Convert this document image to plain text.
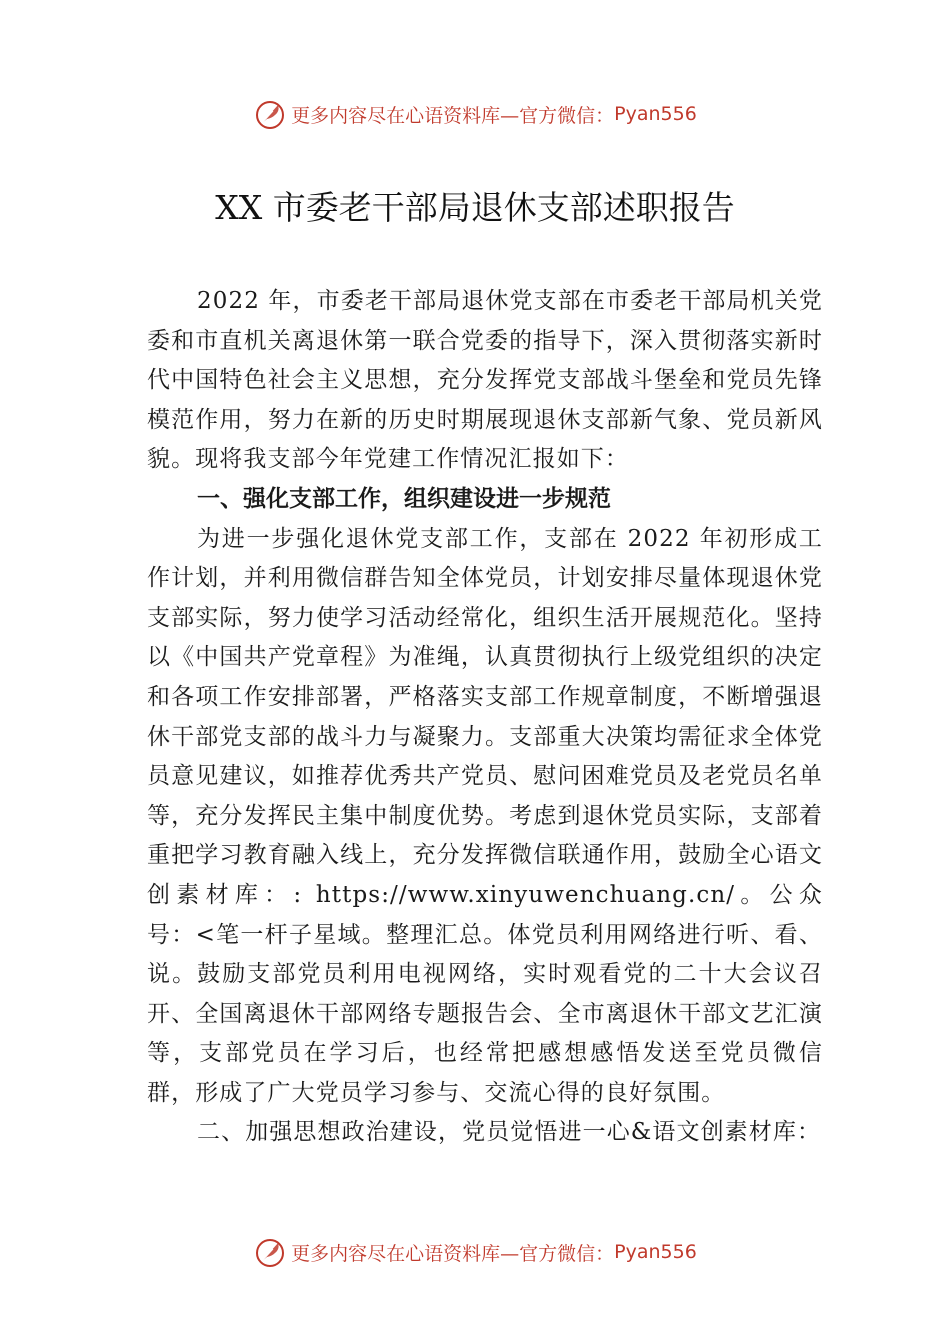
更多内容尽在心语资料库—官方微信： Pyan556
XX 市委老干部局退休支部述职报告

2022 年，市委老干部局退休党支部在市委老干部局机关党委和市直机关离退休第一联合党委的指导下，深入贯彻落实新时代中国特色社会主义思想，充分发挥党支部战斗堡垒和党员先锋模范作用，努力在新的历史时期展现退休支部新气象、党员新风貌。现将我支部今年党建工作情况汇报如下：

一、强化支部工作，组织建设进一步规范

为进一步强化退休党支部工作，支部在 2022 年初形成工作计划，并利用微信群告知全体党员，计划安排尽量体现退休党支部实际，努力使学习活动经常化，组织生活开展规范化。坚持以《中国共产党章程》为准绳，认真贯彻执行上级党组织的决定和各项工作安排部署，严格落实支部工作规章制度，不断增强退休干部党支部的战斗力与凝聚力。支部重大决策均需征求全体党员意见建议，如推荐优秀共产党员、慰问困难党员及老党员名单等，充分发挥民主集中制度优势。考虑到退休党员实际，支部着重把学习教育融入线上，充分发挥微信联通作用，鼓励全心语文创素材库：: https://www.xinyuwenchuang.cn/。公众号：<笔一杆子星域。整理汇总。体党员利用网络进行听、看、说。鼓励支部党员利用电视网络，实时观看党的二十大会议召开、全国离退休干部网络专题报告会、全市离退休干部文艺汇演 等，支部党员在学习后，也经常把感想感悟发送至党员微信 群，形成了广大党员学习参与、交流心得的良好氛围。

二、加强思想政治建设，党员觉悟进一心&语文创素材库：

更多内容尽在心语资料库—官方微信： Pyan556
